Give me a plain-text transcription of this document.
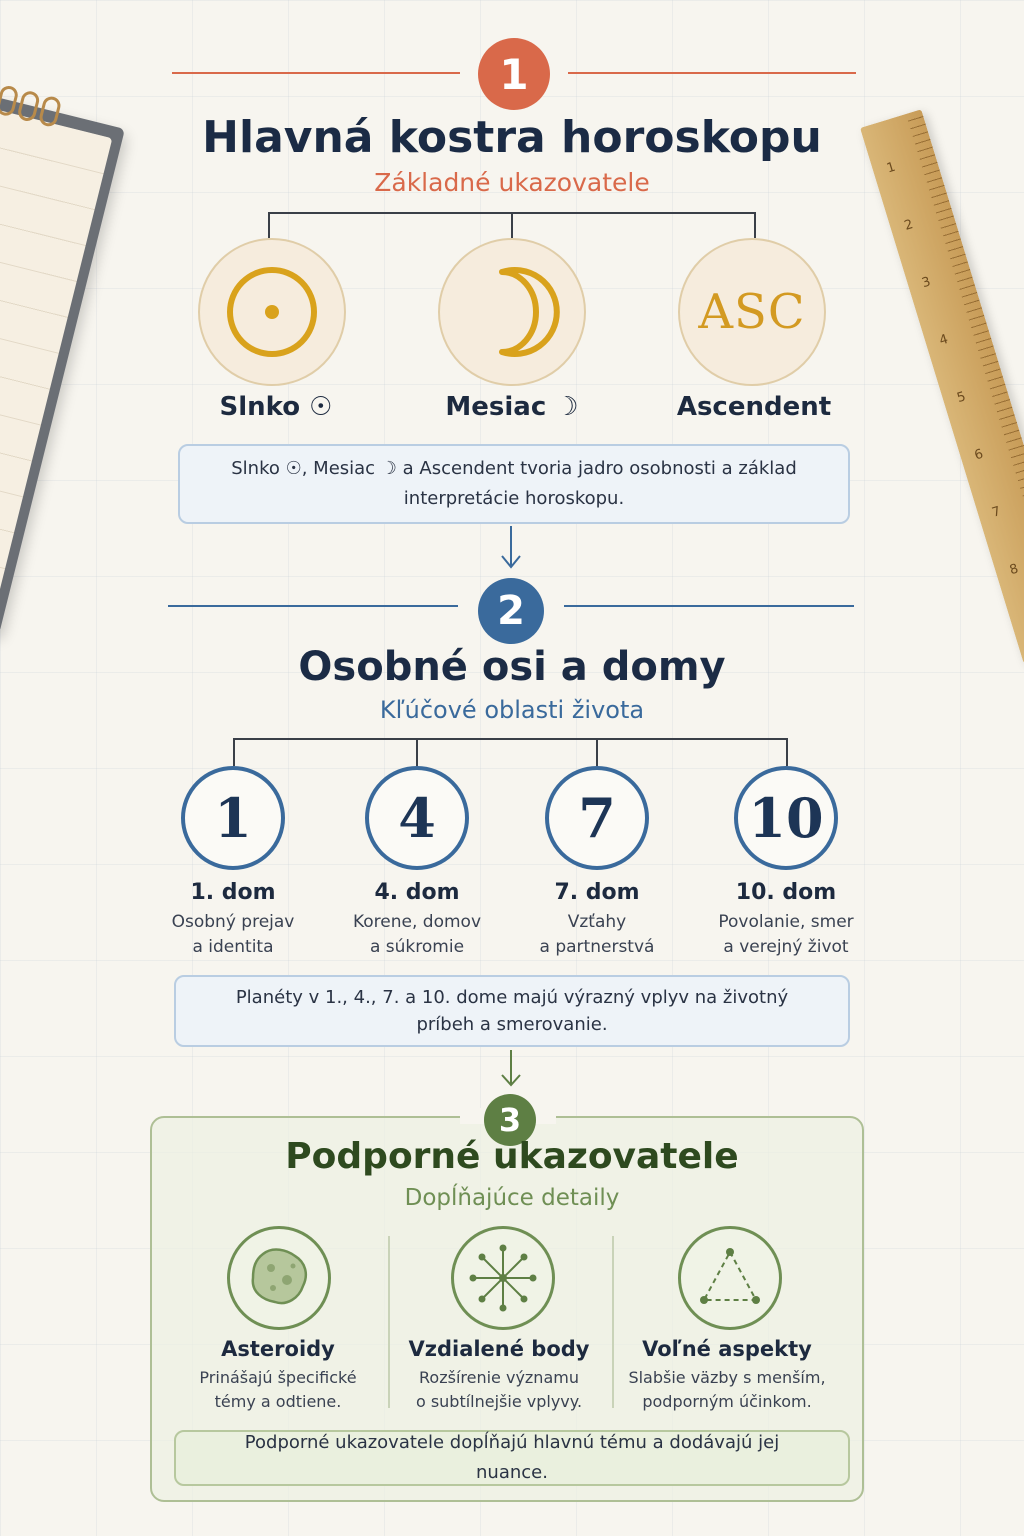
1
2
3
4
5
6
7
8
1
Hlavná kostra horoskopu
Základné ukazovatele
ASC
Slnko ☉	Mesiac ☽	Ascendent
Slnko ☉, Mesiac ☽ a Ascendent tvoria jadro osobnosti a základ interpretácie horoskopu.
2
Osobné osi a domy
Kľúčové oblasti života
1	4	7	10
1. dom	4. dom	7. dom	10. dom
Osobný prejav
a identita
Korene, domov
a súkromie
Vzťahy
a partnerstvá
Povolanie, smer
a verejný život
Planéty v 1., 4., 7. a 10. dome majú výrazný vplyv na životný príbeh a smerovanie.
3
Podporné ukazovatele
Dopĺňajúce detaily
Asteroidy	Vzdialené body	Voľné aspekty
Prinášajú špecifické
témy a odtiene.
Rozšírenie významu
o subtílnejšie vplyvy.
Slabšie väzby s menším,
podporným účinkom.
Podporné ukazovatele dopĺňajú hlavnú tému a dodávajú jej nuance.
